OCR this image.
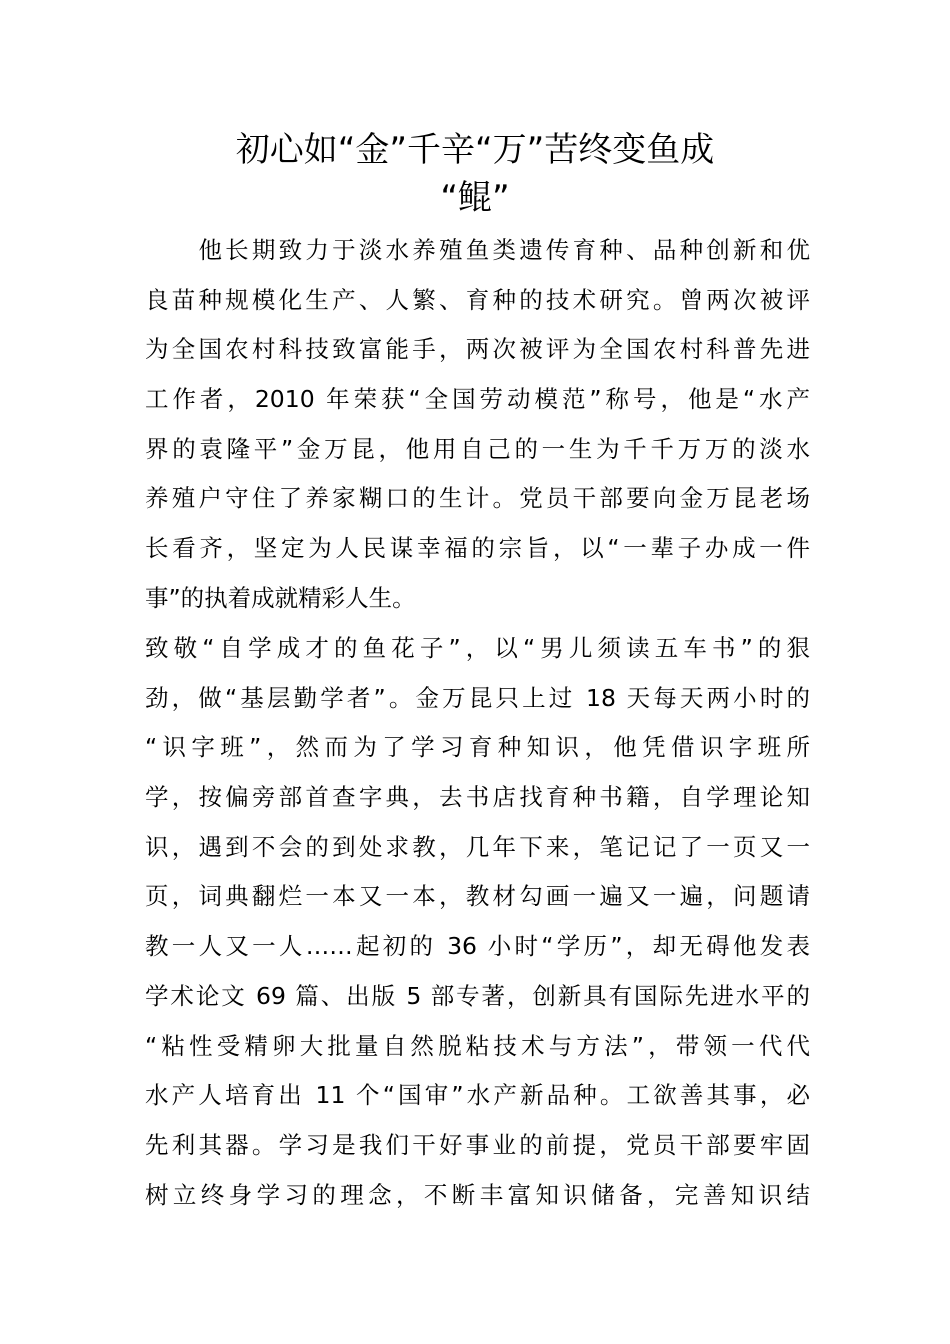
初心如“金”千辛“万”苦终变鱼成
“鲲”
　　他长期致力于淡水养殖鱼类遗传育种、品种创新和优
良苗种规模化生产、人繁、育种的技术研究。曾两次被评
为全国农村科技致富能手，两次被评为全国农村科普先进
工作者，2010 年荣获“全国劳动模范”称号，他是“水产
界的袁隆平”金万昆，他用自己的一生为千千万万的淡水
养殖户守住了养家糊口的生计。党员干部要向金万昆老场
长看齐，坚定为人民谋幸福的宗旨，以“一辈子办成一件
事”的执着成就精彩人生。
致敬“自学成才的鱼花子”，以“男儿须读五车书”的狠
劲，做“基层勤学者”。金万昆只上过 18 天每天两小时的
“识字班”，然而为了学习育种知识，他凭借识字班所
学，按偏旁部首查字典，去书店找育种书籍，自学理论知
识，遇到不会的到处求教，几年下来，笔记记了一页又一
页，词典翻烂一本又一本，教材勾画一遍又一遍，问题请
教一人又一人……起初的 36 小时“学历”，却无碍他发表
学术论文 69 篇、出版 5 部专著，创新具有国际先进水平的
“粘性受精卵大批量自然脱粘技术与方法”，带领一代代
水产人培育出 11 个“国审”水产新品种。工欲善其事，必
先利其器。学习是我们干好事业的前提，党员干部要牢固
树立终身学习的理念，不断丰富知识储备，完善知识结
